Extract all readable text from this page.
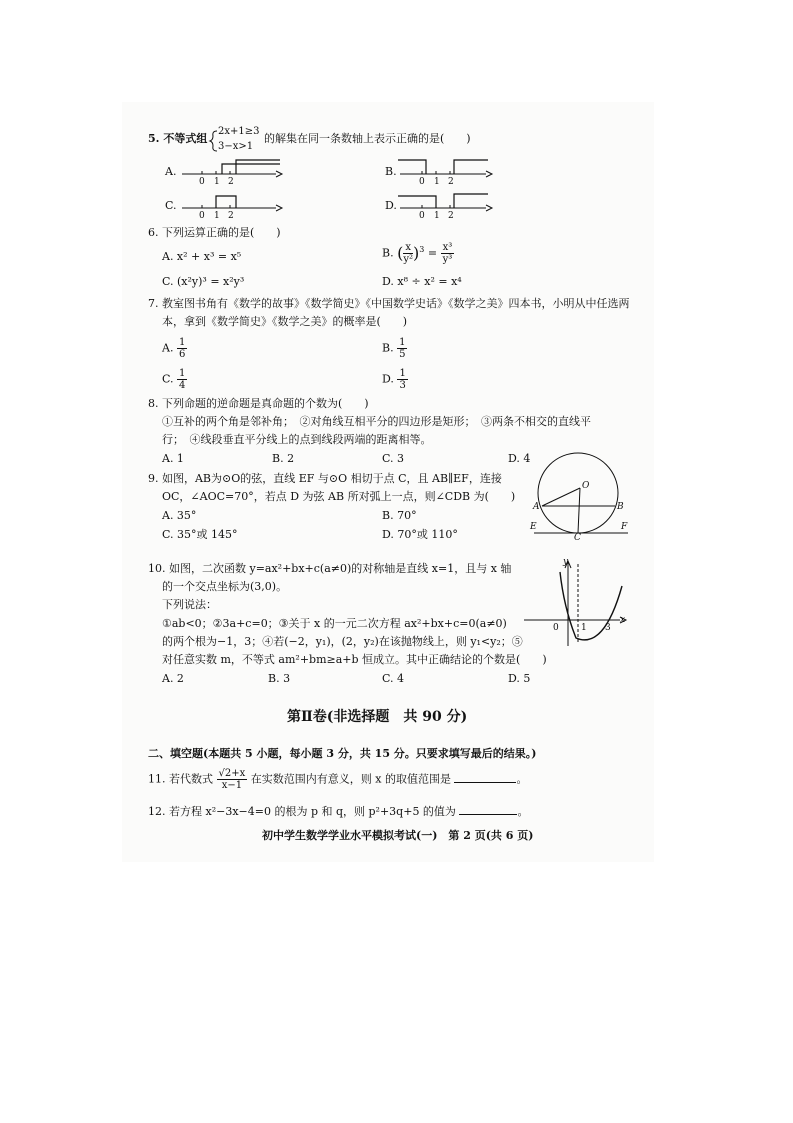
5. 不等式组
2x+1≥3
3−x>1
的解集在同一条数轴上表示正确的是(　　)
A.
0 1 2
B.
0 1 2
C.
0 1 2
D.
0 1 2
6. 下列运算正确的是(　　)
A. x² + x³ = x⁵	B. ( $\frac{x}{\text{y²}} )^3 = \frac{\text{x³}}{\text{y³}}$
C. (x²y)³ = x²y³	D. x⁸ ÷ x² = x⁴
7. 教室图书角有《数学的故事》《数学简史》《中国数学史话》《数学之美》四本书，小明从中任选两
本，拿到《数学简史》《数学之美》的概率是(　　)
A. $\frac{1}{6}$	B. $\frac{1}{5}$
C. $\frac{1}{4}$	D. $\frac{1}{3}$
8. 下列命题的逆命题是真命题的个数为(　　)
①互补的两个角是邻补角；　②对角线互相平分的四边形是矩形；　③两条不相交的直线平
行；　④线段垂直平分线上的点到线段两端的距离相等。
A. 1	B. 2	C. 3	D. 4
9. 如图，AB为⊙O的弦，直线 EF 与⊙O 相切于点 C，且 AB∥EF，连接
OC，∠AOC=70°，若点 D 为弦 AB 所对弧上一点，则∠CDB 为(　　)
A. 35°	B. 70°
C. 35°或 145°	D. 70°或 110°
O
A	B
C
E	F
10. 如图，二次函数 y=ax²+bx+c(a≠0)的对称轴是直线 x=1，且与 x 轴
的一个交点坐标为(3,0)。
下列说法：
①ab<0；②3a+c=0；③关于 x 的一元二次方程 ax²+bx+c=0(a≠0)
的两个根为−1，3；④若(−2，y₁)，(2，y₂)在该抛物线上，则 y₁<y₂；⑤
对任意实数 m，不等式 am²+bm≥a+b 恒成立。其中正确结论的个数是(　　)
A. 2	B. 3	C. 4	D. 5
y
x
0 1 3
第Ⅱ卷(非选择题　共 90 分)
二、填空题(本题共 5 小题，每小题 3 分，共 15 分。只要求填写最后的结果。)
11. 若代数式 $\frac{√2+x}{x-1}$ 在实数范围内有意义，则 x 的取值范围是	。
12. 若方程 x²−3x−4=0 的根为 p 和 q，则 p²+3q+5 的值为	。
初中学生数学学业水平模拟考试(一)　第 2 页(共 6 页)
